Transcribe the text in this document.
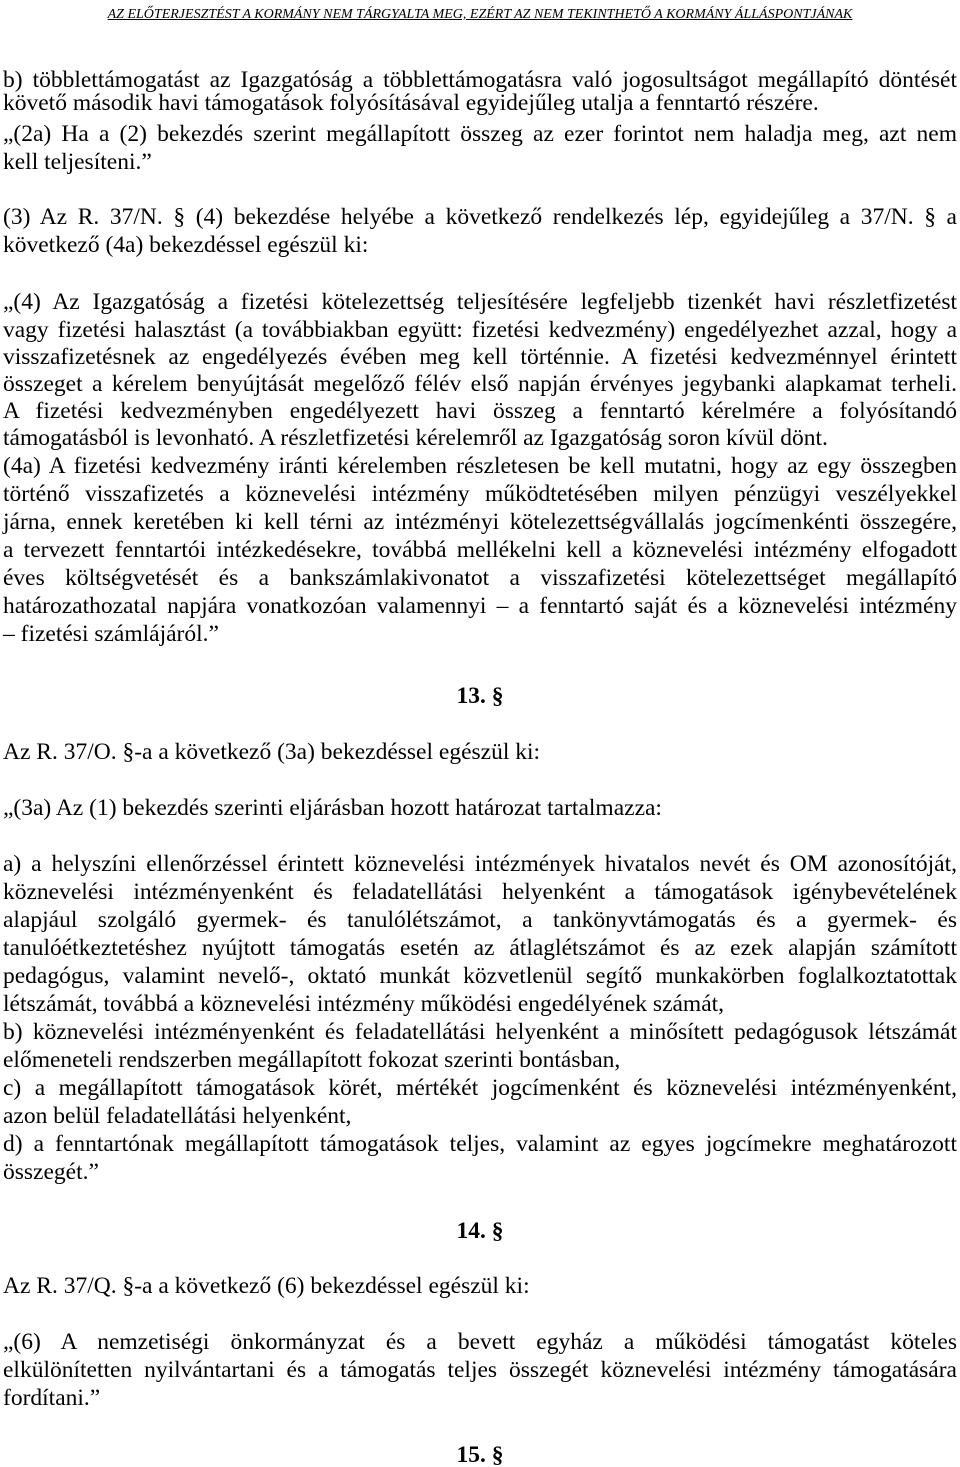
AZ ELŐTERJESZTÉST A KORMÁNY NEM TÁRGYALTA MEG, EZÉRT AZ NEM TEKINTHETŐ A KORMÁNY ÁLLÁSPONTJÁNAK
b) többlettámogatást az Igazgatóság a többlettámogatásra való jogosultságot megállapító döntését
követő második havi támogatások folyósításával egyidejűleg utalja a fenntartó részére.
„(2a) Ha a (2) bekezdés szerint megállapított összeg az ezer forintot nem haladja meg, azt nem
kell teljesíteni.”
(3) Az R. 37/N. § (4) bekezdése helyébe a következő rendelkezés lép, egyidejűleg a 37/N. § a
következő (4a) bekezdéssel egészül ki:
„(4) Az Igazgatóság a fizetési kötelezettség teljesítésére legfeljebb tizenkét havi részletfizetést
vagy fizetési halasztást (a továbbiakban együtt: fizetési kedvezmény) engedélyezhet azzal, hogy a
visszafizetésnek az engedélyezés évében meg kell történnie. A fizetési kedvezménnyel érintett
összeget a kérelem benyújtását megelőző félév első napján érvényes jegybanki alapkamat terheli.
A fizetési kedvezményben engedélyezett havi összeg a fenntartó kérelmére a folyósítandó
támogatásból is levonható. A részletfizetési kérelemről az Igazgatóság soron kívül dönt.
(4a) A fizetési kedvezmény iránti kérelemben részletesen be kell mutatni, hogy az egy összegben
történő visszafizetés a köznevelési intézmény működtetésében milyen pénzügyi veszélyekkel
járna, ennek keretében ki kell térni az intézményi kötelezettségvállalás jogcímenkénti összegére,
a tervezett fenntartói intézkedésekre, továbbá mellékelni kell a köznevelési intézmény elfogadott
éves költségvetését és a bankszámlakivonatot a visszafizetési kötelezettséget megállapító
határozathozatal napjára vonatkozóan valamennyi – a fenntartó saját és a köznevelési intézmény
– fizetési számlájáról.”
13. §
Az R. 37/O. §-a a következő (3a) bekezdéssel egészül ki:
„(3a) Az (1) bekezdés szerinti eljárásban hozott határozat tartalmazza:
a) a helyszíni ellenőrzéssel érintett köznevelési intézmények hivatalos nevét és OM azonosítóját,
köznevelési intézményenként és feladatellátási helyenként a támogatások igénybevételének
alapjául szolgáló gyermek- és tanulólétszámot, a tankönyvtámogatás és a gyermek- és
tanulóétkeztetéshez nyújtott támogatás esetén az átlaglétszámot és az ezek alapján számított
pedagógus, valamint nevelő-, oktató munkát közvetlenül segítő munkakörben foglalkoztatottak
létszámát, továbbá a köznevelési intézmény működési engedélyének számát,
b) köznevelési intézményenként és feladatellátási helyenként a minősített pedagógusok létszámát
előmeneteli rendszerben megállapított fokozat szerinti bontásban,
c) a megállapított támogatások körét, mértékét jogcímenként és köznevelési intézményenként,
azon belül feladatellátási helyenként,
d) a fenntartónak megállapított támogatások teljes, valamint az egyes jogcímekre meghatározott
összegét.”
14. §
Az R. 37/Q. §-a a következő (6) bekezdéssel egészül ki:
„(6) A nemzetiségi önkormányzat és a bevett egyház a működési támogatást köteles
elkülönítetten nyilvántartani és a támogatás teljes összegét köznevelési intézmény támogatására
fordítani.”
15. §
